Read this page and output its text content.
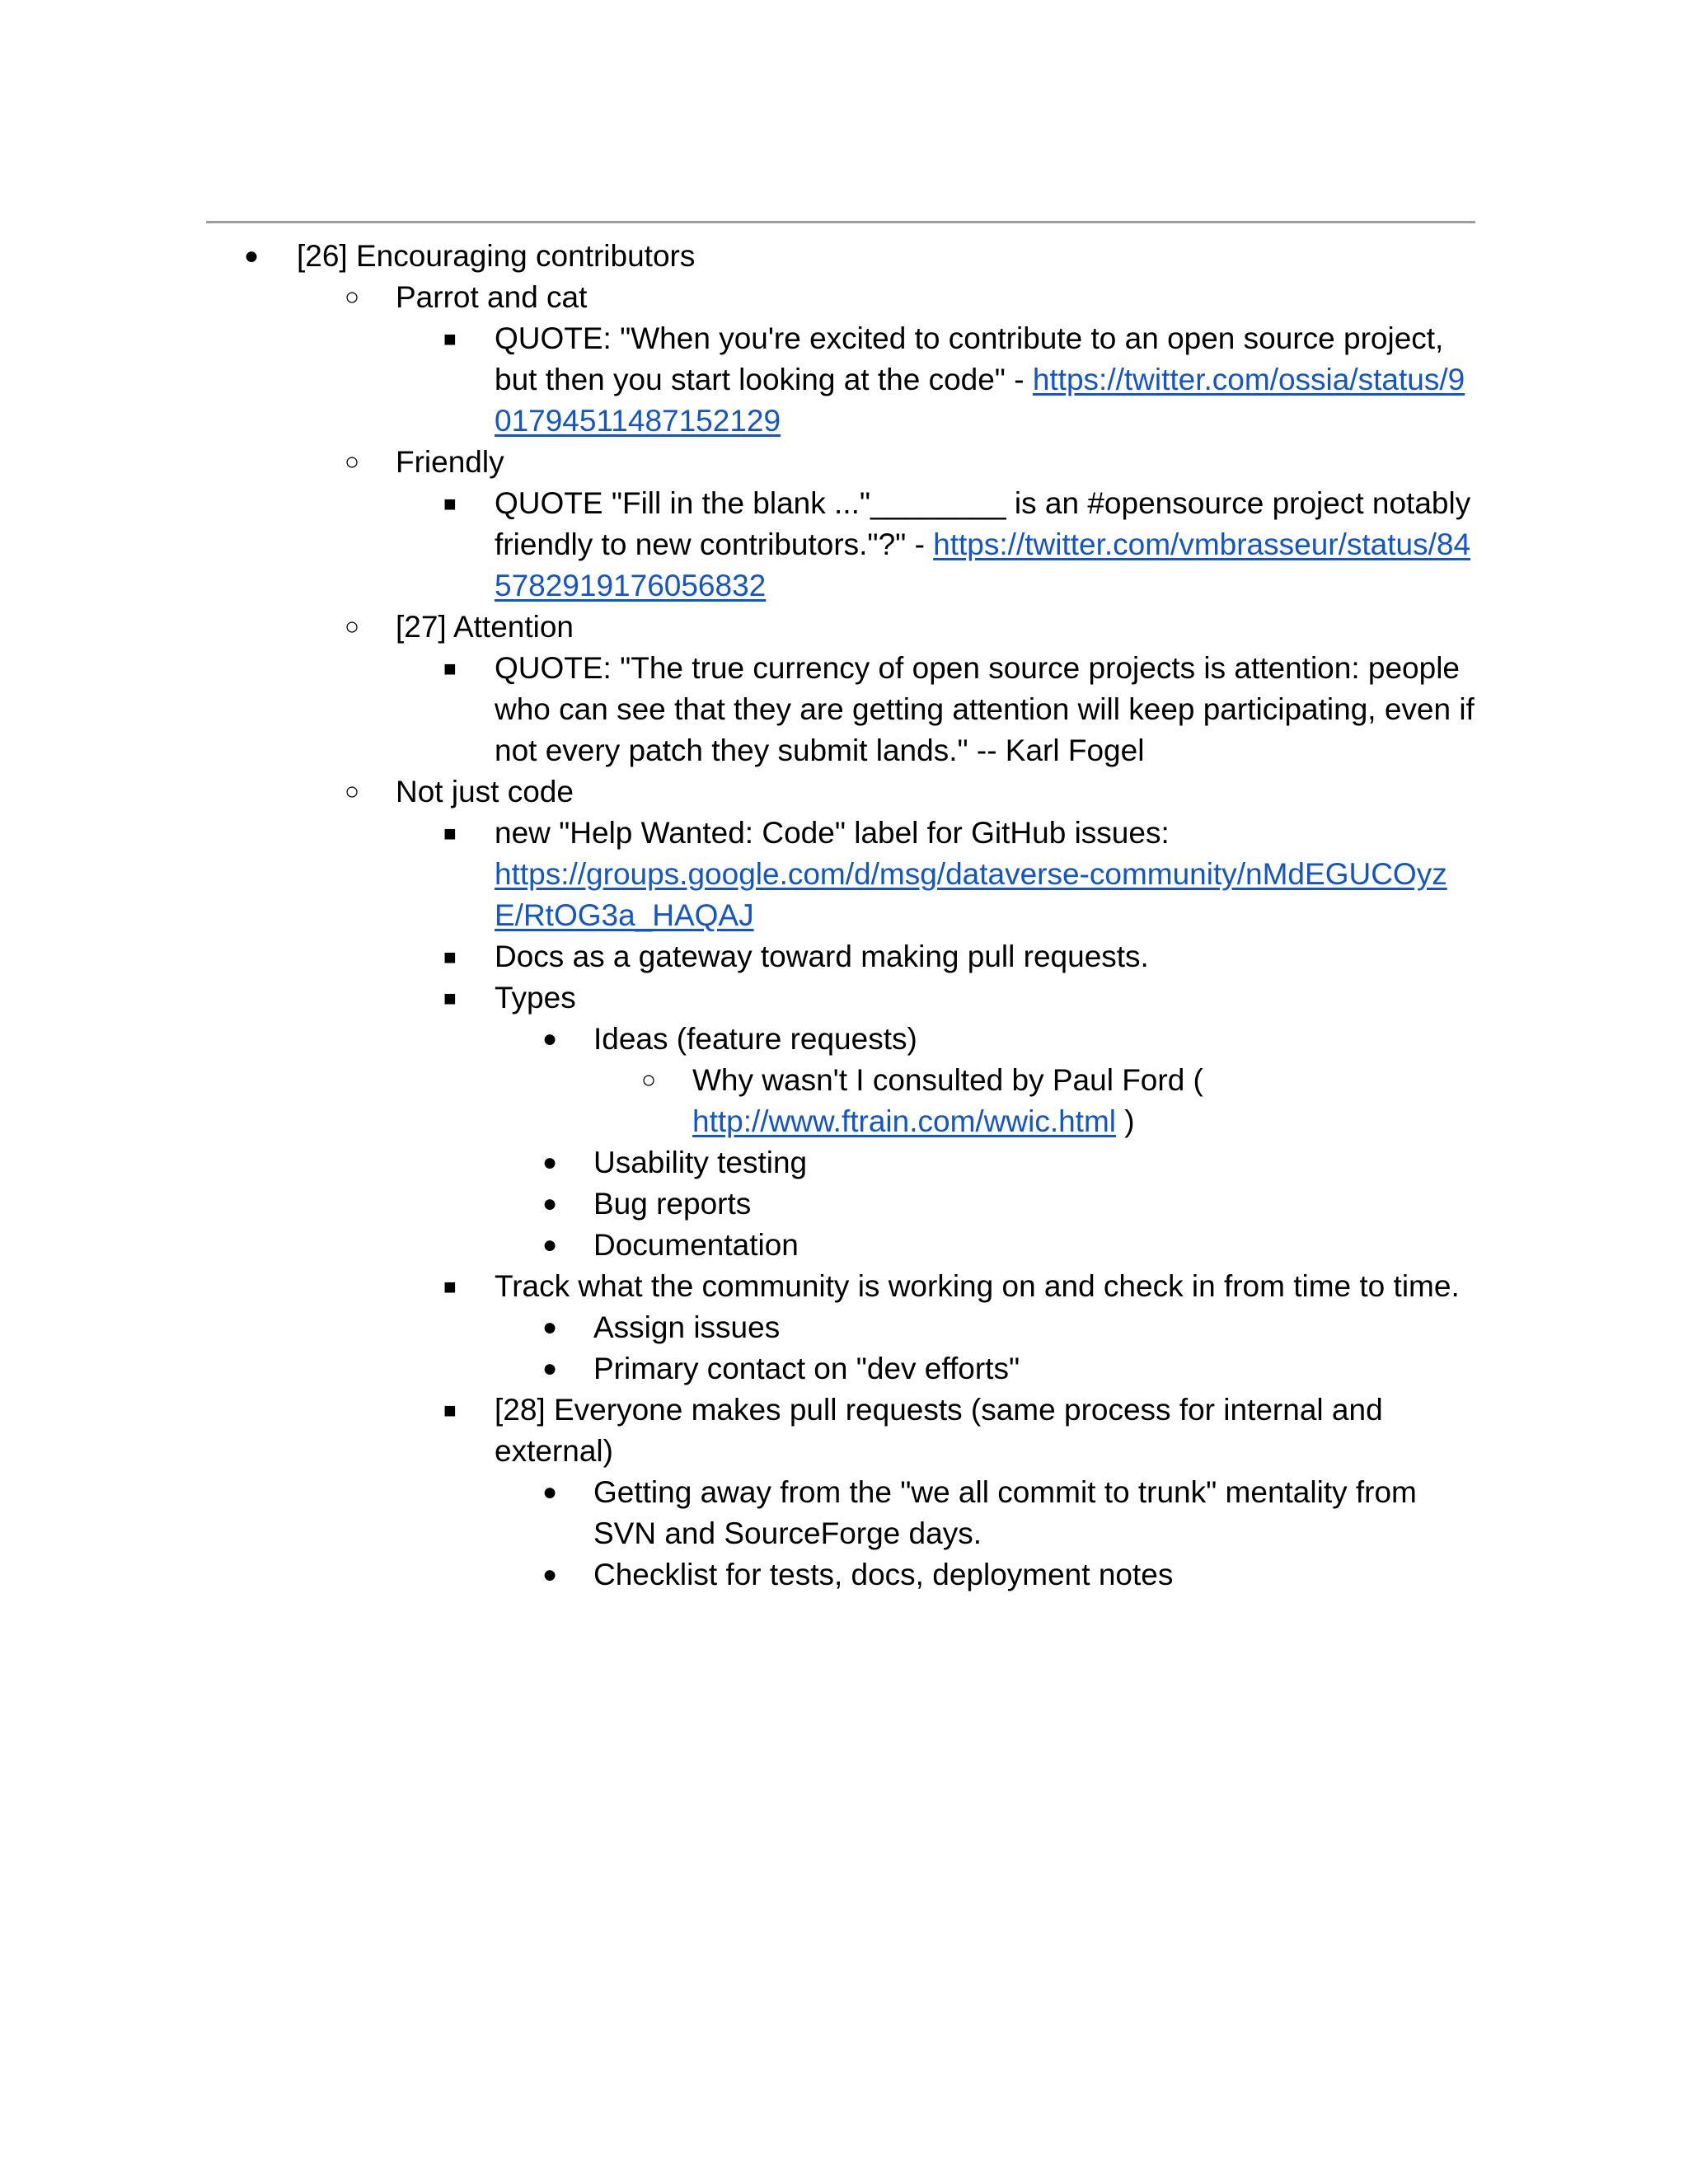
● [26] Encouraging contributors
○ Parrot and cat
■ QUOTE: "When you're excited to contribute to an open source project, but then you start looking at the code" - https://twitter.com/ossia/status/901794511487152129
○ Friendly
■ QUOTE "Fill in the blank ..."________ is an #opensource project notably friendly to new contributors."?" - https://twitter.com/vmbrasseur/status/845782919176056832
○ [27] Attention
■ QUOTE: "The true currency of open source projects is attention: people who can see that they are getting attention will keep participating, even if not every patch they submit lands." -- Karl Fogel
○ Not just code
■ new "Help Wanted: Code" label for GitHub issues:
https://groups.google.com/d/msg/dataverse-community/nMdEGUCOyzE/RtOG3a_HAQAJ
■ Docs as a gateway toward making pull requests.
■ Types
● Ideas (feature requests)
○ Why wasn't I consulted by Paul Ford (
http://www.ftrain.com/wwic.html )
● Usability testing
● Bug reports
● Documentation
■ Track what the community is working on and check in from time to time.
● Assign issues
● Primary contact on "dev efforts"
■ [28] Everyone makes pull requests (same process for internal and external)
● Getting away from the "we all commit to trunk" mentality from SVN and SourceForge days.
● Checklist for tests, docs, deployment notes
